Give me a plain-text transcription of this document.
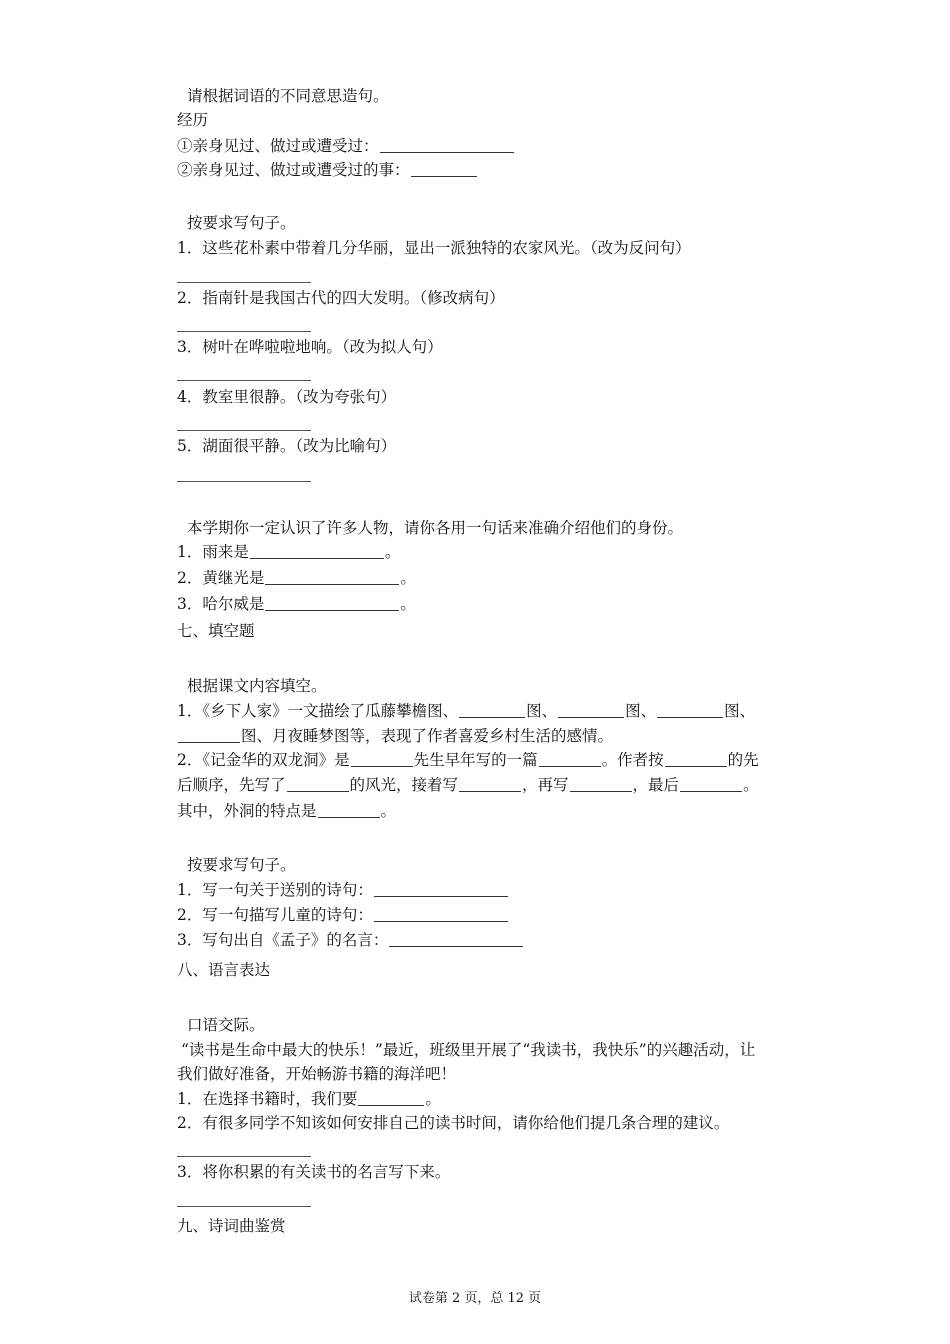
请根据词语的不同意思造句。
经历
①亲身见过、做过或遭受过：
②亲身见过、做过或遭受过的事：
按要求写句子。
1．这些花朴素中带着几分华丽，显出一派独特的农家风光。（改为反问句）
2．指南针是我国古代的四大发明。（修改病句）
3．树叶在哗啦啦地响。（改为拟人句）
4．教室里很静。（改为夸张句）
5．湖面很平静。（改为比喻句）
本学期你一定认识了许多人物，请你各用一句话来准确介绍他们的身份。
1．雨来是	。
2．黄继光是	。
3．哈尔威是	。
七、填空题
根据课文内容填空。
1．《乡下人家》一文描绘了瓜藤攀檐图、	图、	图、	图、
图、月夜睡梦图等，表现了作者喜爱乡村生活的感情。
2．《记金华的双龙洞》是	先生早年写的一篇	。作者按	的先
后顺序，先写了	的风光，接着写	，再写	，最后	。
其中，外洞的特点是	。
按要求写句子。
1．写一句关于送别的诗句：
2．写一句描写儿童的诗句：
3．写句出自《孟子》的名言：
八、语言表达
口语交际。
“读书是生命中最大的快乐！”最近，班级里开展了“我读书，我快乐”的兴趣活动，让
我们做好准备，开始畅游书籍的海洋吧！
1．在选择书籍时，我们要	。
2．有很多同学不知该如何安排自己的读书时间，请你给他们提几条合理的建议。
3．将你积累的有关读书的名言写下来。
九、诗词曲鉴赏
试卷第 2 页，总 12 页
